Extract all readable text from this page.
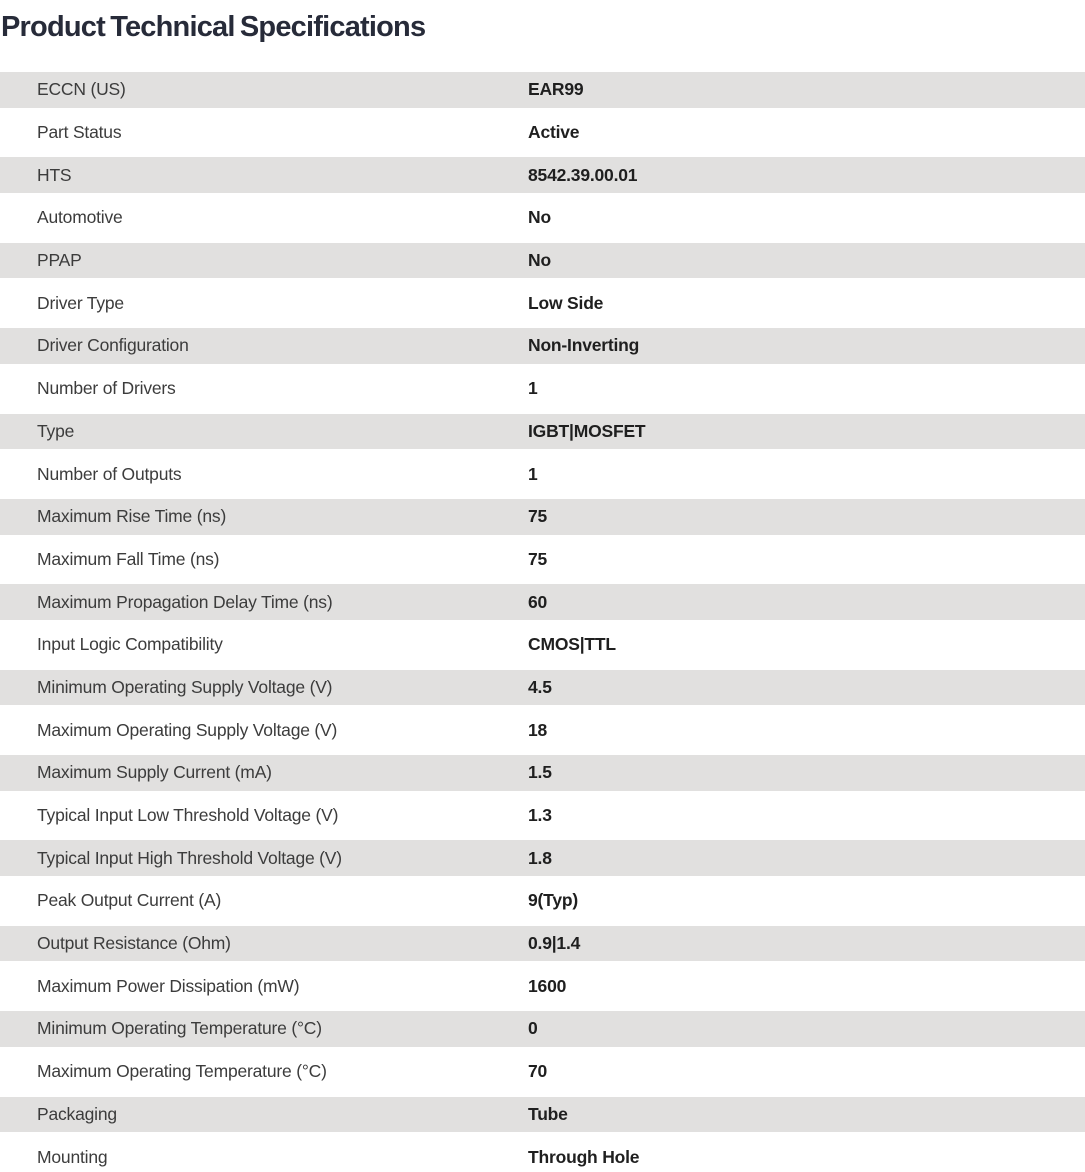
Product Technical Specifications
ECCN (US)	EAR99
Part Status	Active
HTS	8542.39.00.01
Automotive	No
PPAP	No
Driver Type	Low Side
Driver Configuration	Non-Inverting
Number of Drivers	1
Type	IGBT|MOSFET
Number of Outputs	1
Maximum Rise Time (ns)	75
Maximum Fall Time (ns)	75
Maximum Propagation Delay Time (ns)	60
Input Logic Compatibility	CMOS|TTL
Minimum Operating Supply Voltage (V)	4.5
Maximum Operating Supply Voltage (V)	18
Maximum Supply Current (mA)	1.5
Typical Input Low Threshold Voltage (V)	1.3
Typical Input High Threshold Voltage (V)	1.8
Peak Output Current (A)	9(Typ)
Output Resistance (Ohm)	0.9|1.4
Maximum Power Dissipation (mW)	1600
Minimum Operating Temperature (°C)	0
Maximum Operating Temperature (°C)	70
Packaging	Tube
Mounting	Through Hole
